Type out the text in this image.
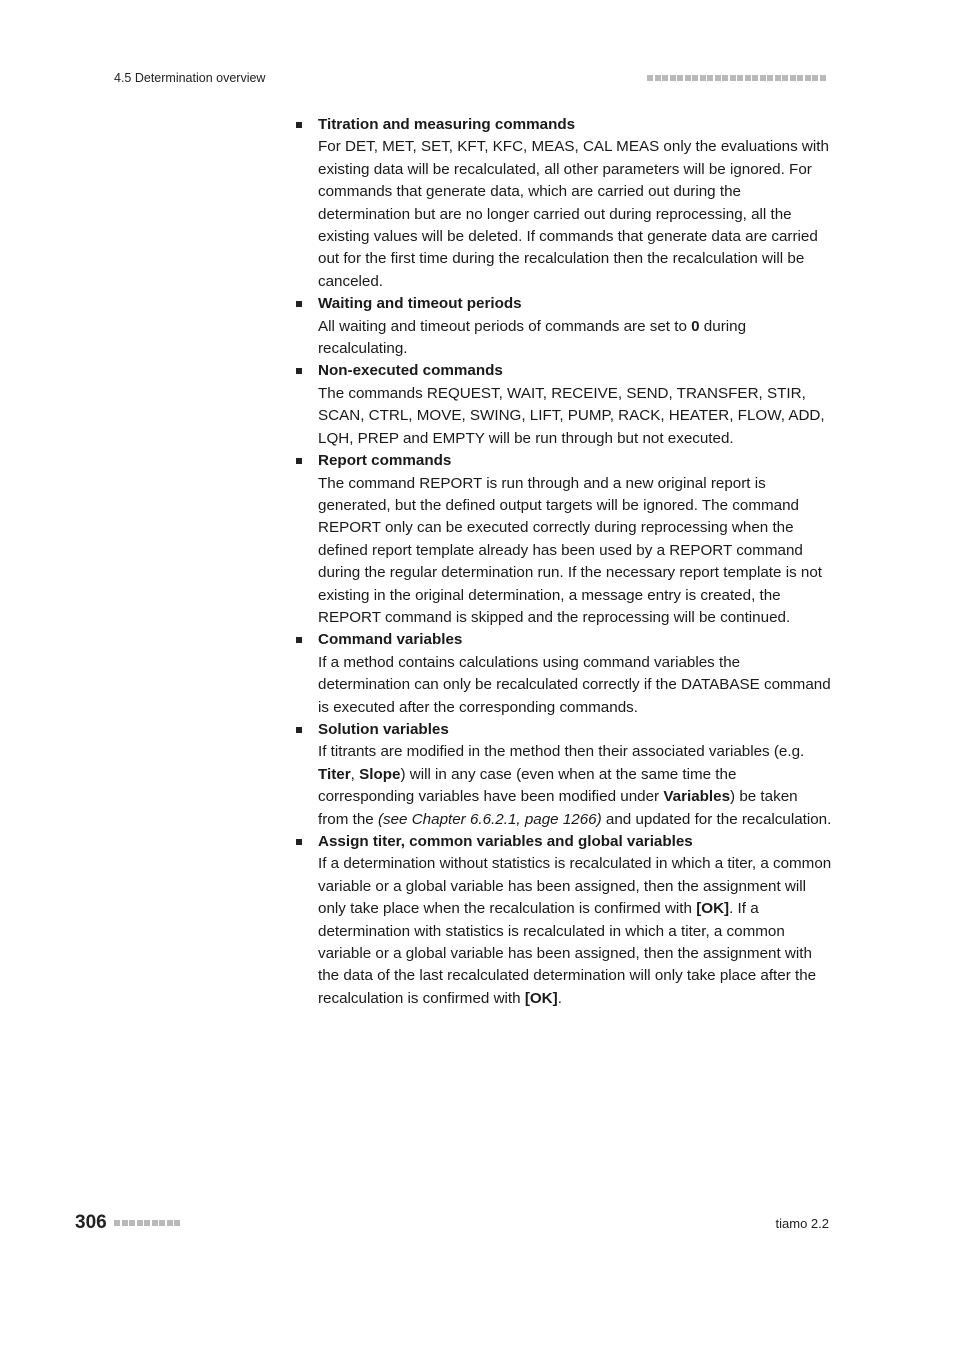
4.5 Determination overview
Titration and measuring commands
For DET, MET, SET, KFT, KFC, MEAS, CAL MEAS only the evaluations with existing data will be recalculated, all other parameters will be ignored. For commands that generate data, which are carried out during the determination but are no longer carried out during reprocessing, all the existing values will be deleted. If commands that generate data are carried out for the first time during the recalculation then the recalculation will be canceled.
Waiting and timeout periods
All waiting and timeout periods of commands are set to 0 during recalculating.
Non-executed commands
The commands REQUEST, WAIT, RECEIVE, SEND, TRANSFER, STIR, SCAN, CTRL, MOVE, SWING, LIFT, PUMP, RACK, HEATER, FLOW, ADD, LQH, PREP and EMPTY will be run through but not executed.
Report commands
The command REPORT is run through and a new original report is generated, but the defined output targets will be ignored. The command REPORT only can be executed correctly during reprocessing when the defined report template already has been used by a REPORT command during the regular determination run. If the necessary report template is not existing in the original determination, a message entry is created, the REPORT command is skipped and the reprocessing will be continued.
Command variables
If a method contains calculations using command variables the determination can only be recalculated correctly if the DATABASE command is executed after the corresponding commands.
Solution variables
If titrants are modified in the method then their associated variables (e.g. Titer, Slope) will in any case (even when at the same time the corresponding variables have been modified under Variables) be taken from the (see Chapter 6.6.2.1, page 1266) and updated for the recalculation.
Assign titer, common variables and global variables
If a determination without statistics is recalculated in which a titer, a common variable or a global variable has been assigned, then the assignment will only take place when the recalculation is confirmed with [OK]. If a determination with statistics is recalculated in which a titer, a common variable or a global variable has been assigned, then the assignment with the data of the last recalculated determination will only take place after the recalculation is confirmed with [OK].
306	tiamo 2.2
